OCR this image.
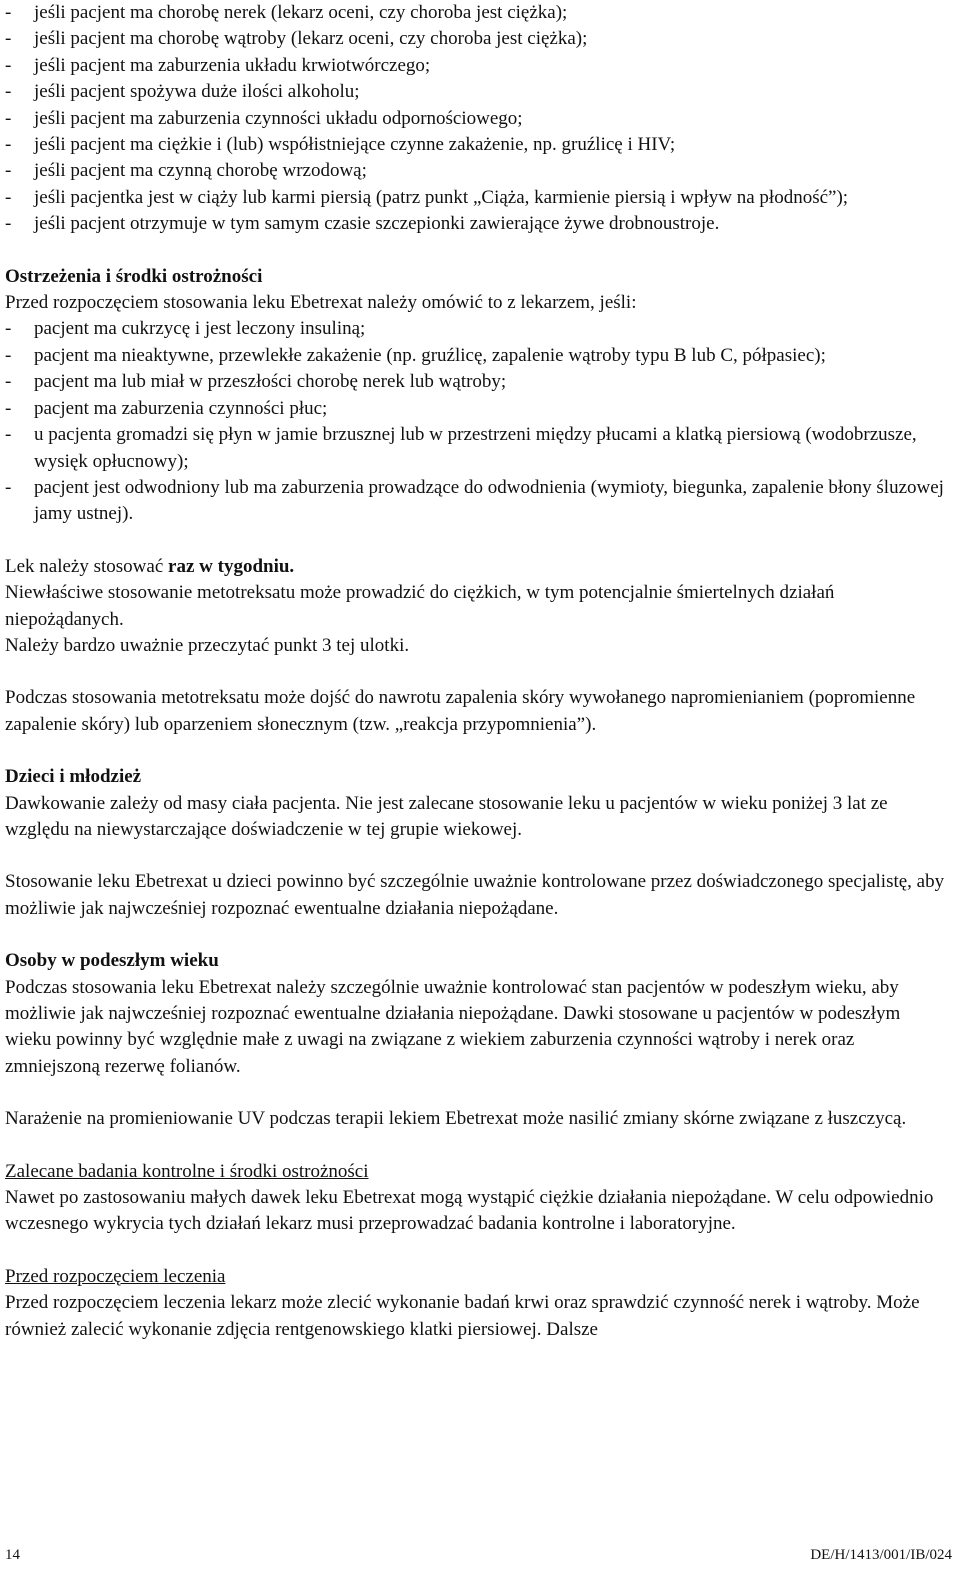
- jeśli pacjent ma chorobę nerek (lekarz oceni, czy choroba jest ciężka);
- jeśli pacjent ma chorobę wątroby (lekarz oceni, czy choroba jest ciężka);
- jeśli pacjent ma zaburzenia układu krwiotwórczego;
- jeśli pacjent spożywa duże ilości alkoholu;
- jeśli pacjent ma zaburzenia czynności układu odpornościowego;
- jeśli pacjent ma ciężkie i (lub) współistniejące czynne zakażenie, np. gruźlicę i HIV;
- jeśli pacjent ma czynną chorobę wrzodową;
- jeśli pacjentka jest w ciąży lub karmi piersią (patrz punkt „Ciąża, karmienie piersią i wpływ na płodność”);
- jeśli pacjent otrzymuje w tym samym czasie szczepionki zawierające żywe drobnoustroje.
Ostrzeżenia i środki ostrożności

Przed rozpoczęciem stosowania leku Ebetrexat należy omówić to z lekarzem, jeśli:

- pacjent ma cukrzycę i jest leczony insuliną;
- pacjent ma nieaktywne, przewlekłe zakażenie (np. gruźlicę, zapalenie wątroby typu B lub C, półpasiec);
- pacjent ma lub miał w przeszłości chorobę nerek lub wątroby;
- pacjent ma zaburzenia czynności płuc;
- u pacjenta gromadzi się płyn w jamie brzusznej lub w przestrzeni między płucami a klatką piersiową (wodobrzusze, wysięk opłucnowy);
- pacjent jest odwodniony lub ma zaburzenia prowadzące do odwodnienia (wymioty, biegunka, zapalenie błony śluzowej jamy ustnej).

Lek należy stosować raz w tygodniu.

Niewłaściwe stosowanie metotreksatu może prowadzić do ciężkich, w tym potencjalnie śmiertelnych działań niepożądanych.

Należy bardzo uważnie przeczytać punkt 3 tej ulotki.

Podczas stosowania metotreksatu może dojść do nawrotu zapalenia skóry wywołanego napromienianiem (popromienne zapalenie skóry) lub oparzeniem słonecznym (tzw. „reakcja przypomnienia”).

Dzieci i młodzież

Dawkowanie zależy od masy ciała pacjenta. Nie jest zalecane stosowanie leku u pacjentów w wieku poniżej 3 lat ze względu na niewystarczające doświadczenie w tej grupie wiekowej.

Stosowanie leku Ebetrexat u dzieci powinno być szczególnie uważnie kontrolowane przez doświadczonego specjalistę, aby możliwie jak najwcześniej rozpoznać ewentualne działania niepożądane.

Osoby w podeszłym wieku

Podczas stosowania leku Ebetrexat należy szczególnie uważnie kontrolować stan pacjentów w podeszłym wieku, aby możliwie jak najwcześniej rozpoznać ewentualne działania niepożądane. Dawki stosowane u pacjentów w podeszłym wieku powinny być względnie małe z uwagi na związane z wiekiem zaburzenia czynności wątroby i nerek oraz zmniejszoną rezerwę folianów.

Narażenie na promieniowanie UV podczas terapii lekiem Ebetrexat może nasilić zmiany skórne związane z łuszczycą.

Zalecane badania kontrolne i środki ostrożności

Nawet po zastosowaniu małych dawek leku Ebetrexat mogą wystąpić ciężkie działania niepożądane. W celu odpowiednio wczesnego wykrycia tych działań lekarz musi przeprowadzać badania kontrolne i laboratoryjne.

Przed rozpoczęciem leczenia

Przed rozpoczęciem leczenia lekarz może zlecić wykonanie badań krwi oraz sprawdzić czynność nerek i wątroby. Może również zalecić wykonanie zdjęcia rentgenowskiego klatki piersiowej. Dalsze

14	DE/H/1413/001/IB/024
